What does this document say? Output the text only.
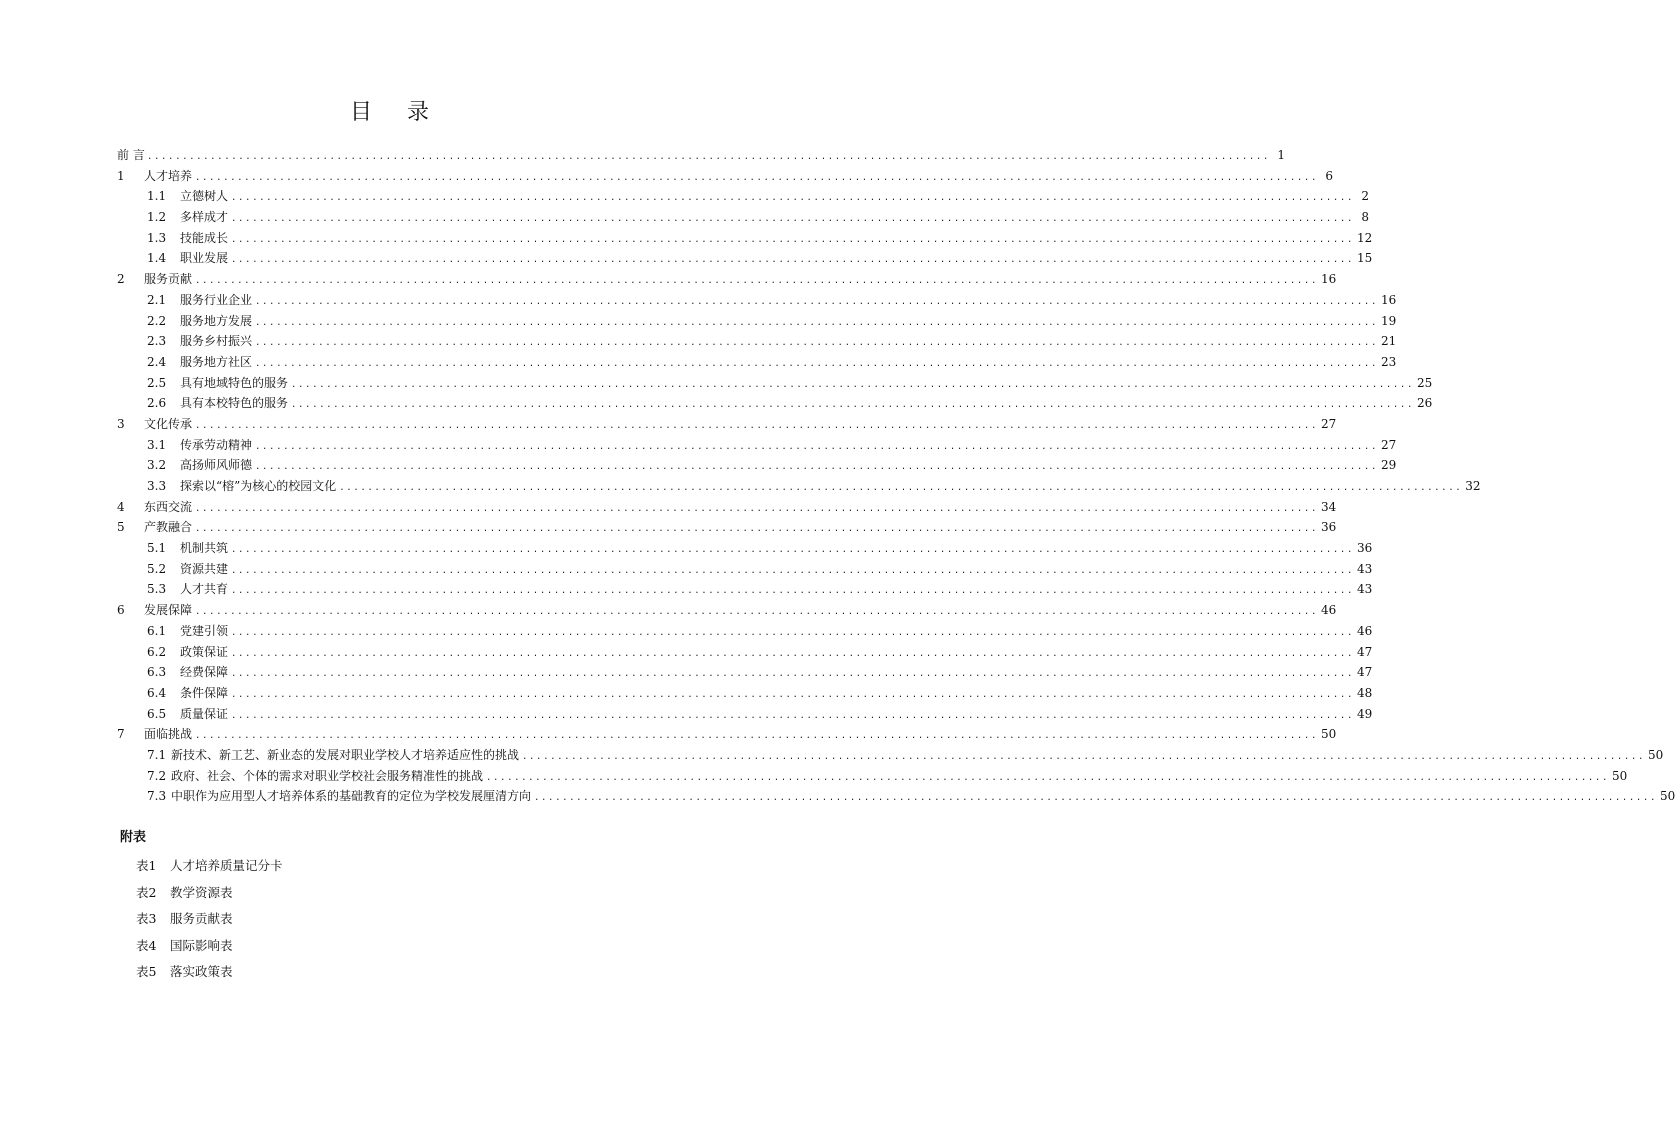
目 录
前 言 ................................................................................................................................................................ 1
1	人才培养 ................................................................................................................................................................ 6
1.1 立德树人 ................................................................................................................................................................ 2
1.2 多样成才 ................................................................................................................................................................ 8
1.3 技能成长 ................................................................................................................................................................ 12
1.4 职业发展 ................................................................................................................................................................ 15
2	服务贡献 ................................................................................................................................................................ 16
2.1 服务行业企业 ................................................................................................................................................................ 16
2.2 服务地方发展 ................................................................................................................................................................ 19
2.3 服务乡村振兴 ................................................................................................................................................................ 21
2.4 服务地方社区 ................................................................................................................................................................ 23
2.5 具有地域特色的服务 ................................................................................................................................................................ 25
2.6 具有本校特色的服务 ................................................................................................................................................................ 26
3	文化传承 ................................................................................................................................................................ 27
3.1 传承劳动精神 ................................................................................................................................................................ 27
3.2 高扬师风师德 ................................................................................................................................................................ 29
3.3 探索以“榕”为核心的校园文化 ................................................................................................................................................................ 32
4	东西交流 ................................................................................................................................................................ 34
5	产教融合 ................................................................................................................................................................ 36
5.1 机制共筑 ................................................................................................................................................................ 36
5.2 资源共建 ................................................................................................................................................................ 43
5.3 人才共育 ................................................................................................................................................................ 43
6	发展保障 ................................................................................................................................................................ 46
6.1 党建引领 ................................................................................................................................................................ 46
6.2 政策保证 ................................................................................................................................................................ 47
6.3 经费保障 ................................................................................................................................................................ 47
6.4 条件保障 ................................................................................................................................................................ 48
6.5 质量保证 ................................................................................................................................................................ 49
7	面临挑战 ................................................................................................................................................................ 50
7.1 新技术、新工艺、新业态的发展对职业学校人才培养适应性的挑战 ................................................................................................................................................................ 50
7.2 政府、社会、个体的需求对职业学校社会服务精准性的挑战 ................................................................................................................................................................ 50
7.3 中职作为应用型人才培养体系的基础教育的定位为学校发展厘清方向 ................................................................................................................................................................ 50
附表
表1 人才培养质量记分卡
表2 教学资源表
表3 服务贡献表
表4 国际影响表
表5 落实政策表
